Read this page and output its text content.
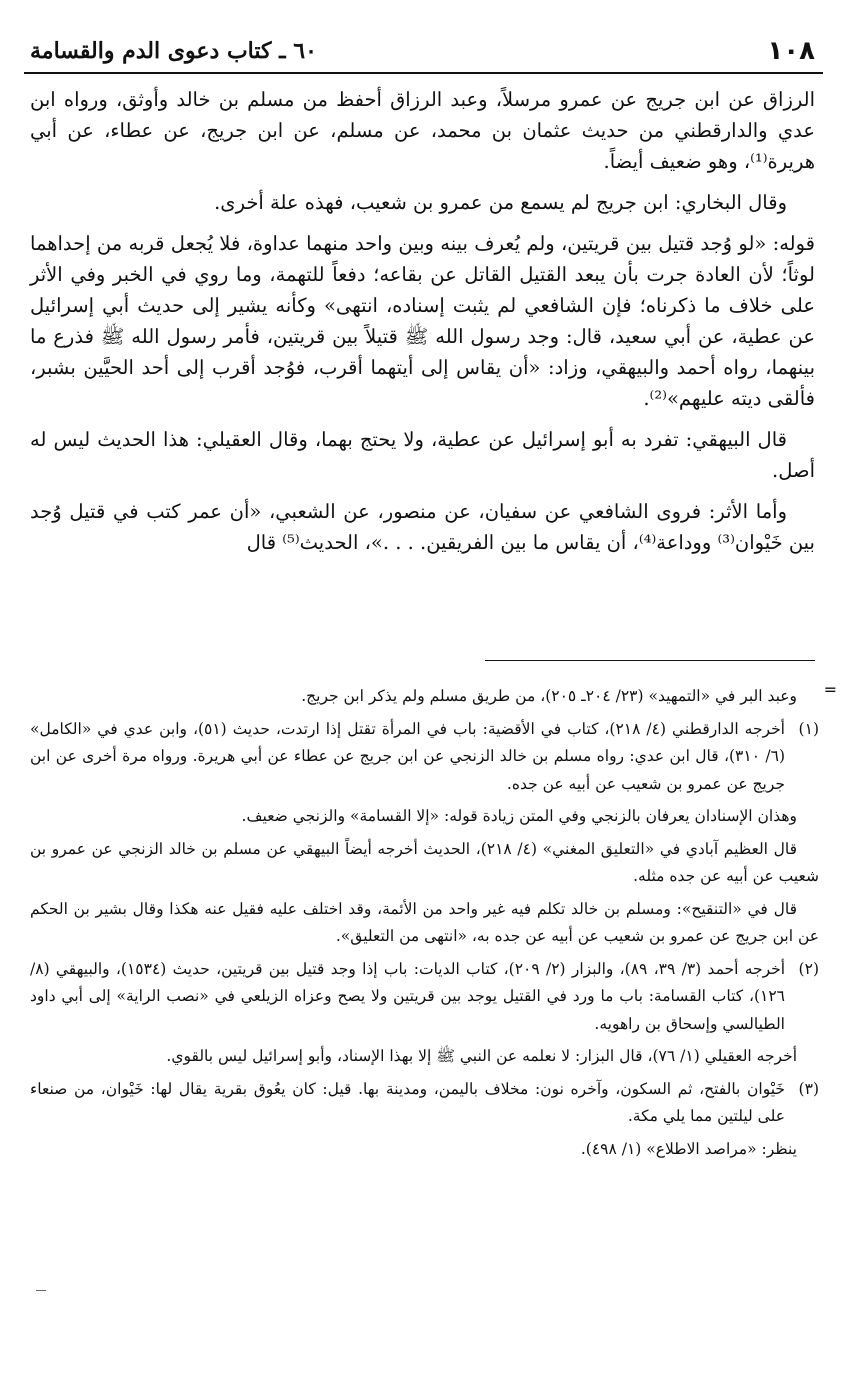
١٠٨
٦٠ ـ كتاب دعوى الدم والقسامة

الرزاق عن ابن جريج عن عمرو مرسلاً، وعبد الرزاق أحفظ من مسلم بن خالد وأوثق، ورواه ابن عدي والدارقطني من حديث عثمان بن محمد، عن مسلم، عن ابن جريج، عن عطاء، عن أبي هريرة⁽¹⁾، وهو ضعيف أيضاً.

وقال البخاري: ابن جريج لم يسمع من عمرو بن شعيب، فهذه علة أخرى.

قوله: «لو وُجد قتيل بين قريتين، ولم يُعرف بينه وبين واحد منهما عداوة، فلا يُجعل قربه من إحداهما لوثاً؛ لأن العادة جرت بأن يبعد القتيل القاتل عن بقاعه؛ دفعاً للتهمة، وما روي في الخبر وفي الأثر على خلاف ما ذكرناه؛ فإن الشافعي لم يثبت إسناده، انتهى» وكأنه يشير إلى حديث أبي إسرائيل عن عطية، عن أبي سعيد، قال: وجد رسول الله ﷺ قتيلاً بين قريتين، فأمر رسول الله ﷺ فذرع ما بينهما، رواه أحمد والبيهقي، وزاد: «أن يقاس إلى أيتهما أقرب، فوُجد أقرب إلى أحد الحيَّين بشبر، فألقى ديته عليهم»⁽²⁾.

قال البيهقي: تفرد به أبو إسرائيل عن عطية، ولا يحتج بهما، وقال العقيلي: هذا الحديث ليس له أصل.

وأما الأثر: فروى الشافعي عن سفيان، عن منصور، عن الشعبي، «أن عمر كتب في قتيل وُجد بين خَيْوان⁽³⁾ ووداعة⁽⁴⁾، أن يقاس ما بين الفريقين. . . .»، الحديث⁽⁵⁾ قال

=

وعبد البر في «التمهيد» (٢٣/ ٢٠٤ـ ٢٠٥)، من طريق مسلم ولم يذكر ابن جريج.

(١)
أخرجه الدارقطني (٤/ ٢١٨)، كتاب في الأقضية: باب في المرأة تقتل إذا ارتدت، حديث (٥١)، وابن عدي في «الكامل» (٦/ ٣١٠)، قال ابن عدي: رواه مسلم بن خالد الزنجي عن ابن جريج عن عطاء عن أبي هريرة. ورواه مرة أخرى عن ابن جريج عن عمرو بن شعيب عن أبيه عن جده.

وهذان الإسنادان يعرفان بالزنجي وفي المتن زيادة قوله: «إلا القسامة» والزنجي ضعيف.

قال العظيم آبادي في «التعليق المغني» (٤/ ٢١٨)، الحديث أخرجه أيضاً البيهقي عن مسلم بن خالد الزنجي عن عمرو بن شعيب عن أبيه عن جده مثله.

قال في «التنقيح»: ومسلم بن خالد تكلم فيه غير واحد من الأئمة، وقد اختلف عليه فقيل عنه هكذا وقال بشير بن الحكم عن ابن جريج عن عمرو بن شعيب عن أبيه عن جده به، «انتهى من التعليق».

(٢)
أخرجه أحمد (٣/ ٣٩، ٨٩)، والبزار (٢/ ٢٠٩)، كتاب الديات: باب إذا وجد قتيل بين قريتين، حديث (١٥٣٤)، والبيهقي (٨/ ١٢٦)، كتاب القسامة: باب ما ورد في القتيل يوجد بين قريتين ولا يصح وعزاه الزيلعي في «نصب الراية» إلى أبي داود الطيالسي وإسحاق بن راهويه.

أخرجه العقيلي (١/ ٧٦)، قال البزار: لا نعلمه عن النبي ﷺ إلا بهذا الإسناد، وأبو إسرائيل ليس بالقوي.

(٣)
خَيْوان بالفتح، ثم السكون، وآخره نون: مخلاف باليمن، ومدينة بها. قيل: كان يعُوق بقرية يقال لها: خَيْوان، من صنعاء على ليلتين مما يلي مكة.

ينظر: «مراصد الاطلاع» (١/ ٤٩٨).
